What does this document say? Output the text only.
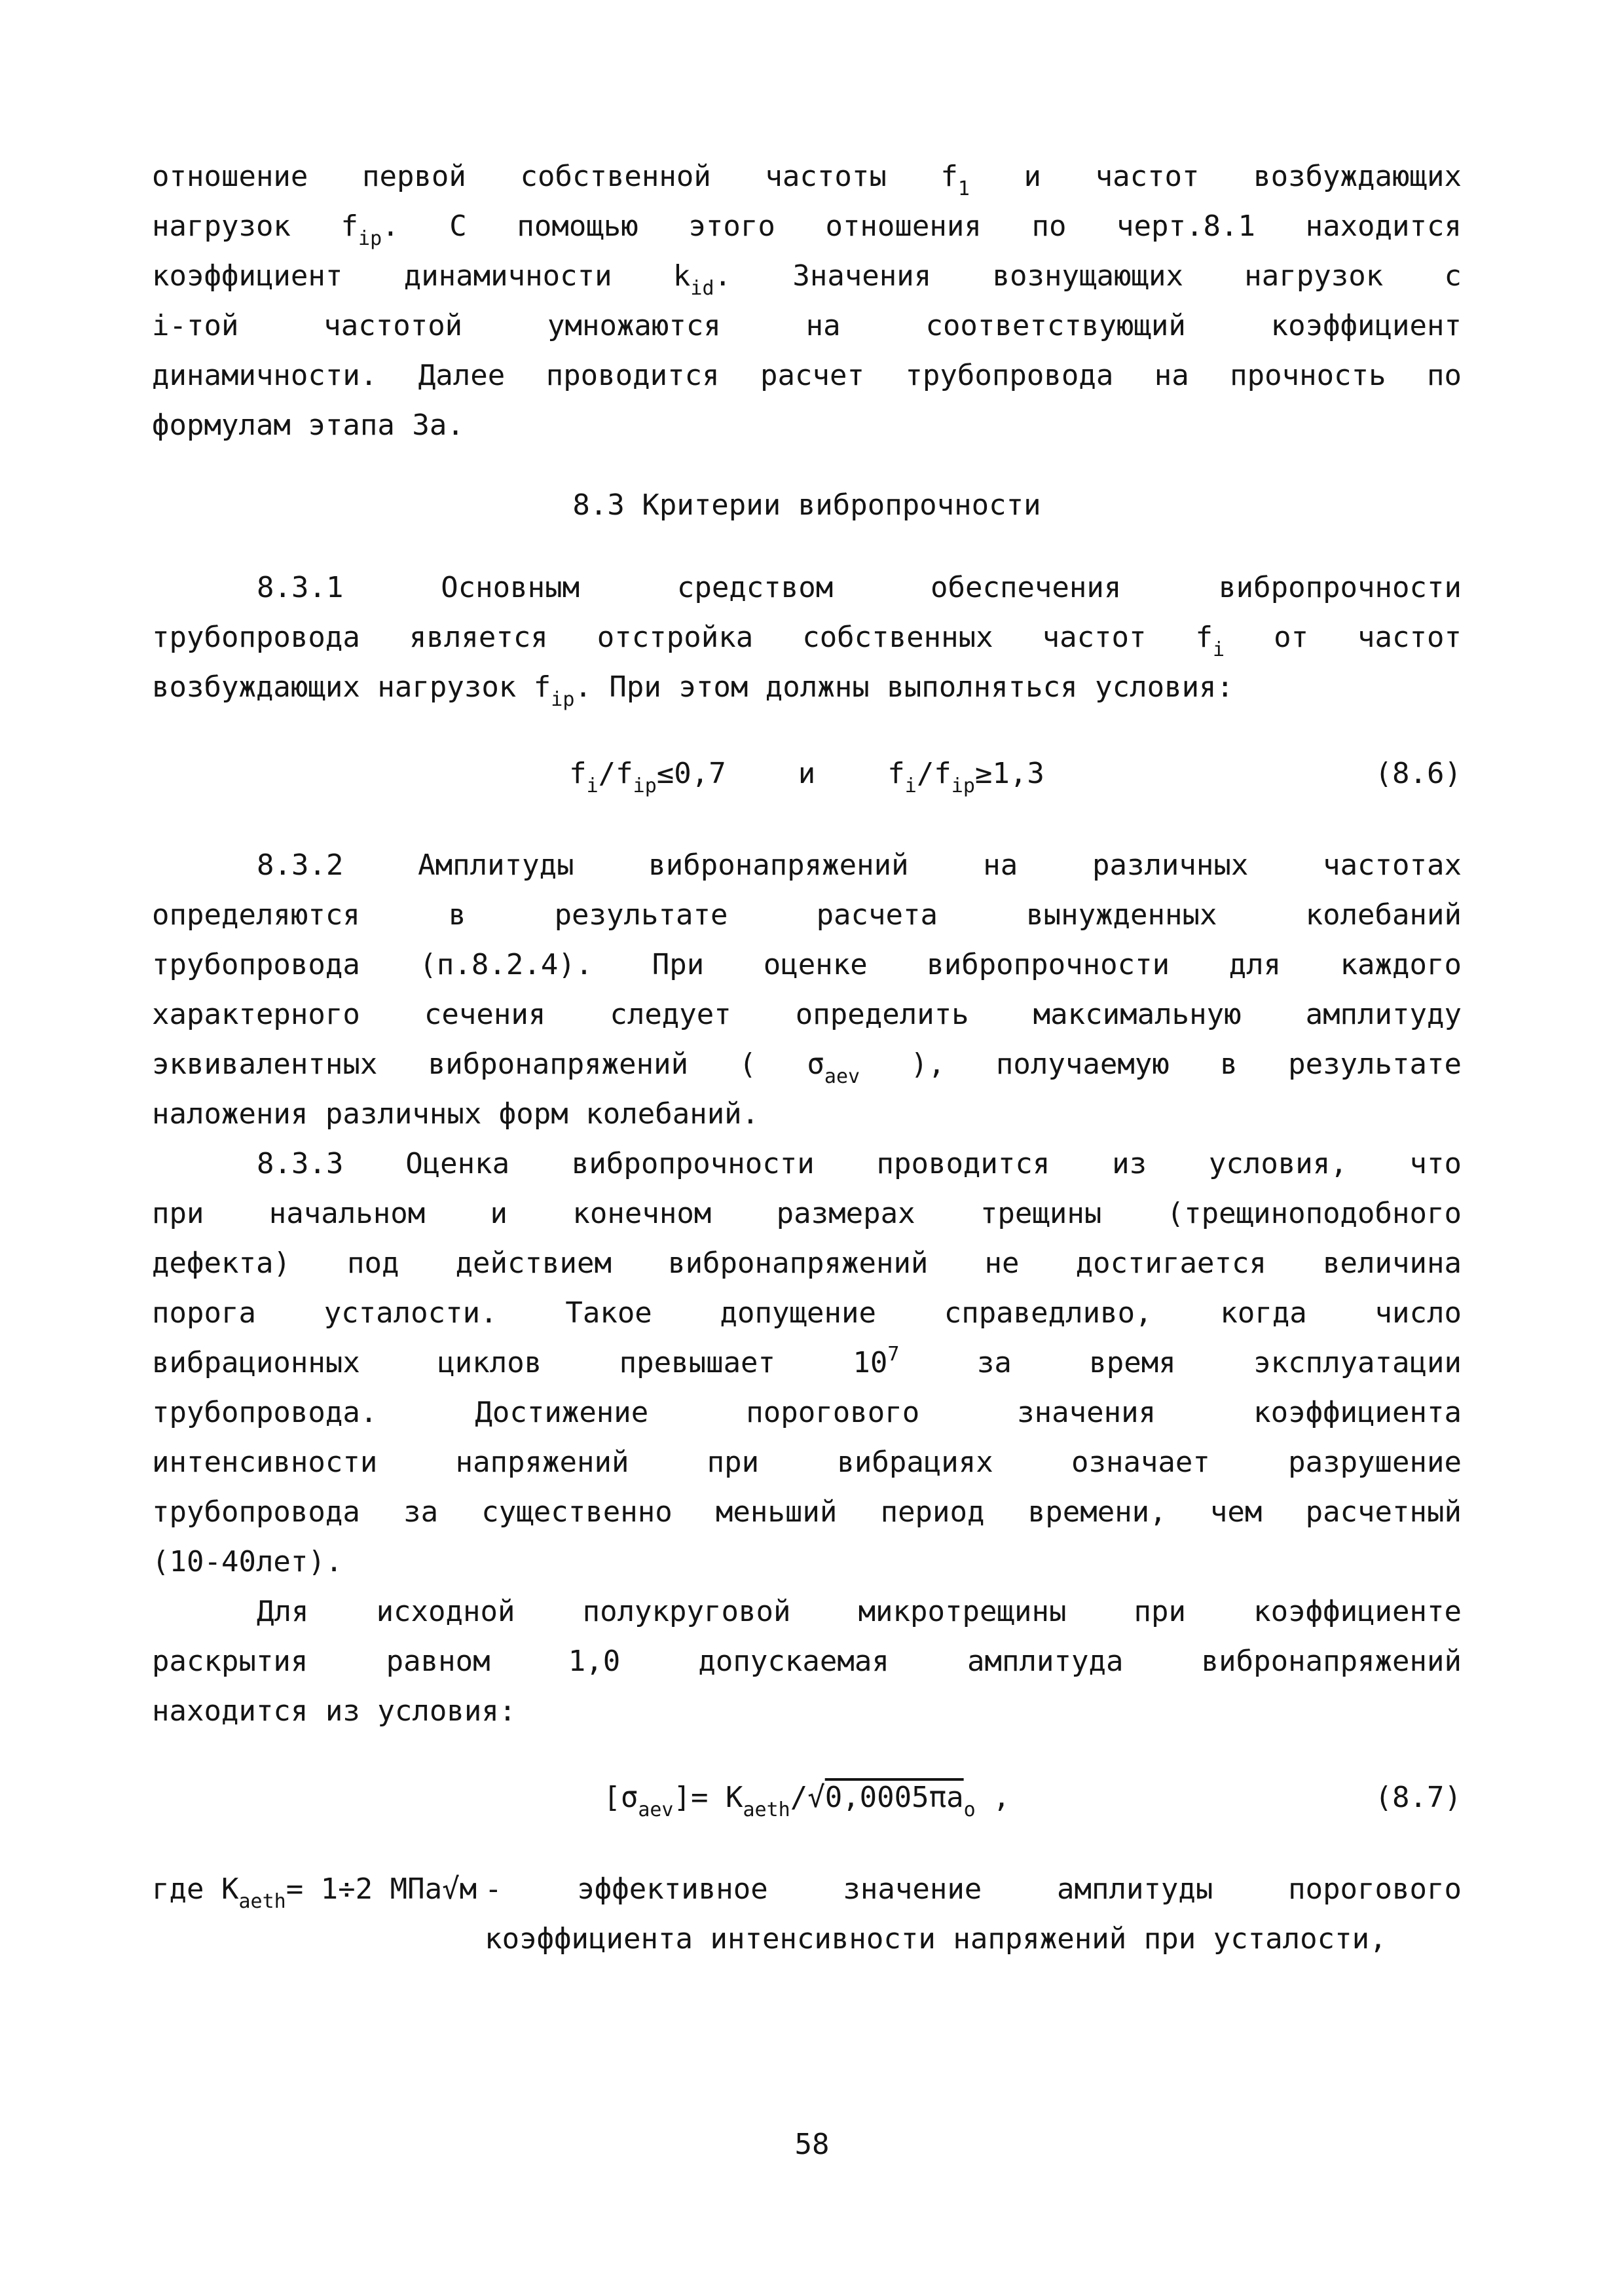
отношение первой собственной частоты $f_1$ и частот возбуждающих

нагрузок $f_{ip}$. С помощью этого отношения по черт.8.1 находится

коэффициент динамичности $k_{id}$. Значения вознущающих нагрузок с

i-той частотой умножаются на соответствующий коэффициент

динамичности. Далее проводится расчет трубопровода на прочность по

формулам этапа 3а.

8.3 Критерии вибропрочности

8.3.1 Основным средством обеспечения вибропрочности

трубопровода является отстройка собственных частот $f_i$ от частот

возбуждающих нагрузок $f_{ip}$. При этом должны выполняться условия:

$f_i/f_{ip}\le 0,7$	и	$f_i/f_{ip}\ge 1,3$	(8.6)

8.3.2 Амплитуды вибронапряжений на различных частотах

определяются в результате расчета вынужденных колебаний

трубопровода (п.8.2.4). При оценке вибропрочности для каждого

характерного сечения следует определить максимальную амплитуду

эквивалентных вибронапряжений ( $\sigma_{aev}$ ), получаемую в результате

наложения различных форм колебаний.

8.3.3 Оценка вибропрочности проводится из условия, что

при начальном и конечном размерах трещины (трещиноподобного

дефекта) под действием вибронапряжений не достигается величина

порога усталости. Такое допущение справедливо, когда число

вибрационных циклов превышает $10^7$ за время эксплуатации

трубопровода. Достижение порогового значения коэффициента

интенсивности напряжений при вибрациях означает разрушение

трубопровода за существенно меньший период времени, чем расчетный

(10-40лет).

Для исходной полукруговой микротрещины при коэффициенте

раскрытия равном 1,0 допускаемая амплитуда вибронапряжений

находится из условия:

$[\sigma_{aev}]= K_{aeth}/√0,0005\pi a_o$ ,	(8.7)
где $K_{aeth}= 1\div 2$ МПа√м - эффективное значение амплитуды порогового

коэффициента интенсивности напряжений при усталости,

58
